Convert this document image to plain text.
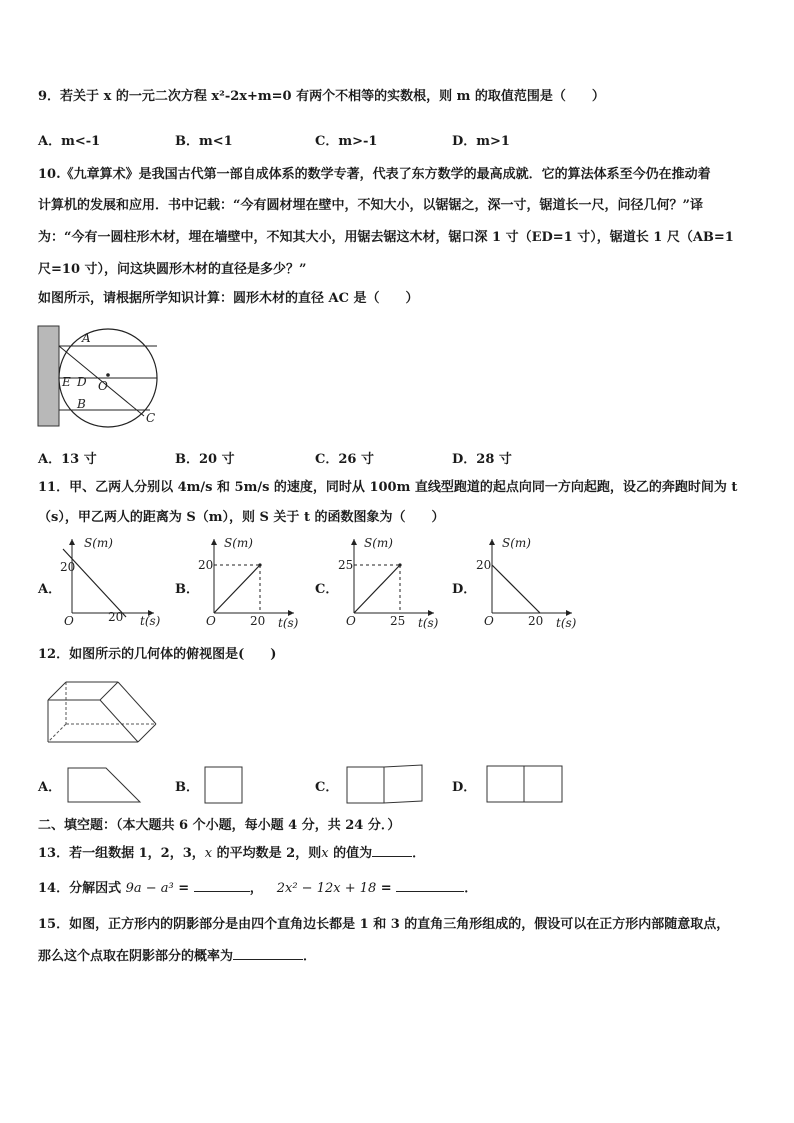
9．若关于 x 的一元二次方程 x²-2x+m=0 有两个不相等的实数根，则 m 的取值范围是（　　）
A．m<-1	B．m<1	C．m>-1	D．m>1
10.《九章算术》是我国古代第一部自成体系的数学专著，代表了东方数学的最高成就．它的算法体系至今仍在推动着
计算机的发展和应用．书中记载：“今有圆材埋在壁中，不知大小，以锯锯之，深一寸，锯道长一尺，问径几何？”译
为：“今有一圆柱形木材，埋在墙壁中，不知其大小，用锯去锯这木材，锯口深 1 寸（ED=1 寸），锯道长 1 尺（AB=1
尺=10 寸），问这块圆形木材的直径是多少？”
如图所示，请根据所学知识计算：圆形木材的直径 AC 是（　　）
A
E D O
B
C
A．13 寸	B．20 寸	C．26 寸	D．28 寸
11．甲、乙两人分别以 4m/s 和 5m/s 的速度，同时从 100m 直线型跑道的起点向同一方向起跑，设乙的奔跑时间为 t
（s），甲乙两人的距离为 S（m），则 S 关于 t 的函数图象为（　　）
A．	B．	C．	D．
S(m)
20
O	20 t(s)
S(m)
20
O	20 t(s)
S(m)
25
O	25 t(s)
S(m)
20
O	20 t(s)
12．如图所示的几何体的俯视图是(　　)
A．	B．	C．	D．
二、填空题：（本大题共 6 个小题，每小题 4 分，共 24 分．）
13．若一组数据 1，2，3，x 的平均数是 2，则x 的值为	．
14．分解因式 9a − a³ =	， 2x² − 12x + 18 =	．
15．如图，正方形内的阴影部分是由四个直角边长都是 1 和 3 的直角三角形组成的，假设可以在正方形内部随意取点，
那么这个点取在阴影部分的概率为	．
